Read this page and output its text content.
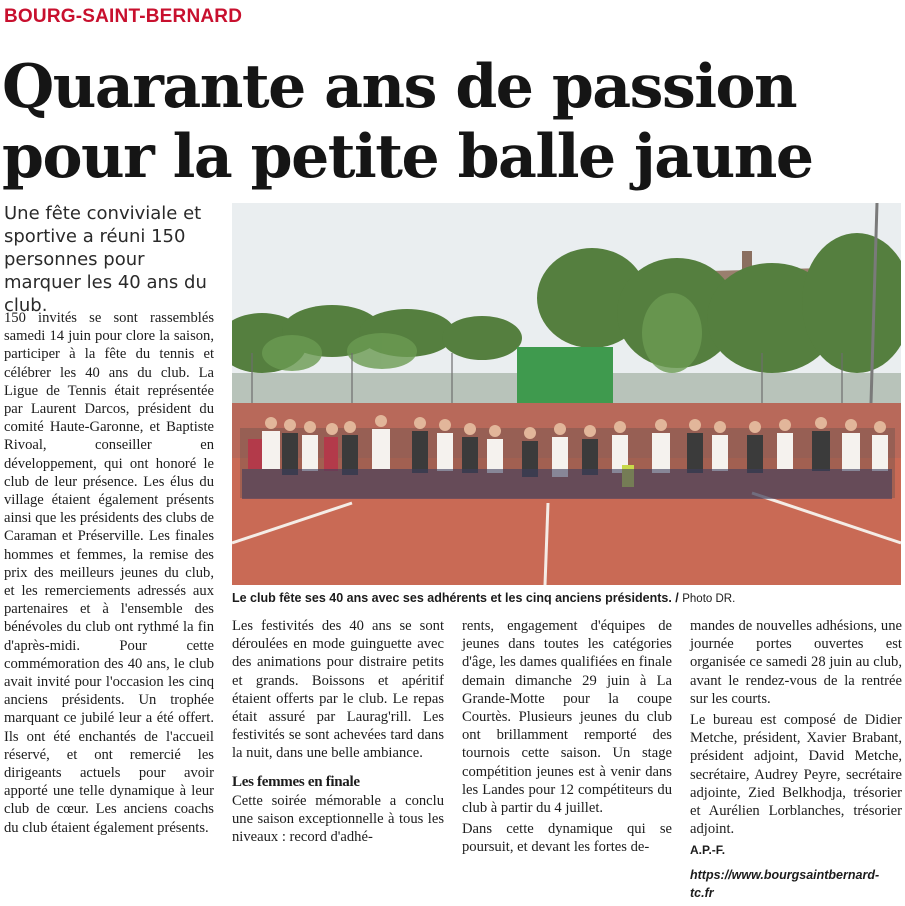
BOURG-SAINT-BERNARD
Quarante ans de passion
pour la petite balle jaune
Une fête conviviale et sportive a réuni 150 personnes pour marquer les 40 ans du club.
Le club fête ses 40 ans avec ses adhérents et les cinq anciens présidents. / Photo DR.

150 invités se sont rassemblés samedi 14 juin pour clore la saison, participer à la fête du tennis et célébrer les 40 ans du club. La Ligue de Tennis était représentée par Laurent Darcos, président du comité Haute-Garonne, et Baptiste Rivoal, conseiller en développement, qui ont honoré le club de leur présence. Les élus du village étaient également présents ainsi que les présidents des clubs de Caraman et Préserville. Les finales hommes et femmes, la remise des prix des meilleurs jeunes du club, et les remerciements adressés aux partenaires et à l'ensemble des bénévoles du club ont rythmé la fin d'après-midi. Pour cette commémoration des 40 ans, le club avait invité pour l'occasion les cinq anciens présidents. Un trophée marquant ce jubilé leur a été offert. Ils ont été enchantés de l'accueil réservé, et ont remercié les dirigeants actuels pour avoir apporté une telle dynamique à leur club de cœur. Les anciens coachs du club étaient également présents.

Les festivités des 40 ans se sont déroulées en mode guinguette avec des animations pour distraire petits et grands. Boissons et apéritif étaient offerts par le club. Le repas était assuré par Laurag'rill. Les festivités se sont achevées tard dans la nuit, dans une belle ambiance.

Les femmes en finale

Cette soirée mémorable a conclu une saison exceptionnelle à tous les niveaux : record d'adhé-

rents, engagement d'équipes de jeunes dans toutes les catégories d'âge, les dames qualifiées en finale demain dimanche 29 juin à La Grande-Motte pour la coupe Courtès. Plusieurs jeunes du club ont brillamment remporté des tournois cette saison. Un stage compétition jeunes est à venir dans les Landes pour 12 compétiteurs du club à partir du 4 juillet.

Dans cette dynamique qui se poursuit, et devant les fortes de-

mandes de nouvelles adhésions, une journée portes ouvertes est organisée ce samedi 28 juin au club, avant le rendez-vous de la rentrée sur les courts.

Le bureau est composé de Didier Metche, président, Xavier Brabant, président adjoint, David Metche, secrétaire, Audrey Peyre, secrétaire adjointe, Zied Belkhodja, trésorier et Aurélien Lorblanches, trésorier adjoint.

A.P.-F.
https://www.bourgsaintbernard-tc.fr
